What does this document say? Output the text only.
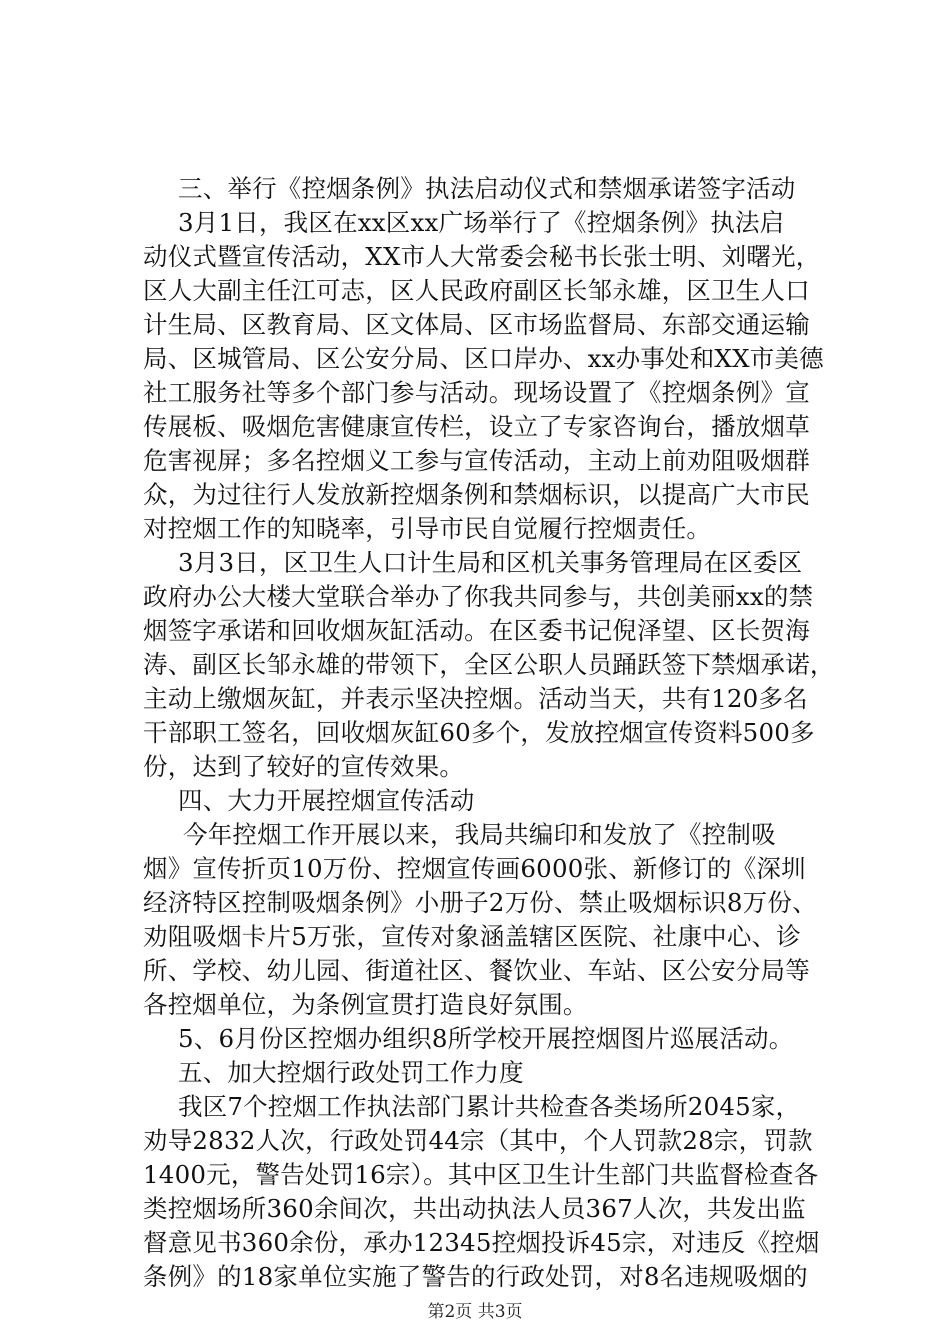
三、举行《控烟条例》执法启动仪式和禁烟承诺签字活动
3月1日，我区在xx区xx广场举行了《控烟条例》执法启
动仪式暨宣传活动，XX市人大常委会秘书长张士明、刘曙光，
区人大副主任江可志，区人民政府副区长邹永雄，区卫生人口
计生局、区教育局、区文体局、区市场监督局、东部交通运输
局、区城管局、区公安分局、区口岸办、xx办事处和XX市美德
社工服务社等多个部门参与活动。现场设置了《控烟条例》宣
传展板、吸烟危害健康宣传栏，设立了专家咨询台，播放烟草
危害视屏；多名控烟义工参与宣传活动，主动上前劝阻吸烟群
众，为过往行人发放新控烟条例和禁烟标识，以提高广大市民
对控烟工作的知晓率，引导市民自觉履行控烟责任。
3月3日，区卫生人口计生局和区机关事务管理局在区委区
政府办公大楼大堂联合举办了你我共同参与，共创美丽xx的禁
烟签字承诺和回收烟灰缸活动。在区委书记倪泽望、区长贺海
涛、副区长邹永雄的带领下，全区公职人员踊跃签下禁烟承诺，
主动上缴烟灰缸，并表示坚决控烟。活动当天，共有120多名
干部职工签名，回收烟灰缸60多个，发放控烟宣传资料500多
份，达到了较好的宣传效果。
四、大力开展控烟宣传活动
今年控烟工作开展以来，我局共编印和发放了《控制吸
烟》宣传折页10万份、控烟宣传画6000张、新修订的《深圳
经济特区控制吸烟条例》小册子2万份、禁止吸烟标识8万份、
劝阻吸烟卡片5万张，宣传对象涵盖辖区医院、社康中心、诊
所、学校、幼儿园、街道社区、餐饮业、车站、区公安分局等
各控烟单位，为条例宣贯打造良好氛围。
5、6月份区控烟办组织8所学校开展控烟图片巡展活动。
五、加大控烟行政处罚工作力度
我区7个控烟工作执法部门累计共检查各类场所2045家，
劝导2832人次，行政处罚44宗（其中，个人罚款28宗，罚款
1400元，警告处罚16宗）。其中区卫生计生部门共监督检查各
类控烟场所360余间次，共出动执法人员367人次，共发出监
督意见书360余份，承办12345控烟投诉45宗，对违反《控烟
条例》的18家单位实施了警告的行政处罚，对8名违规吸烟的
第2页 共3页
